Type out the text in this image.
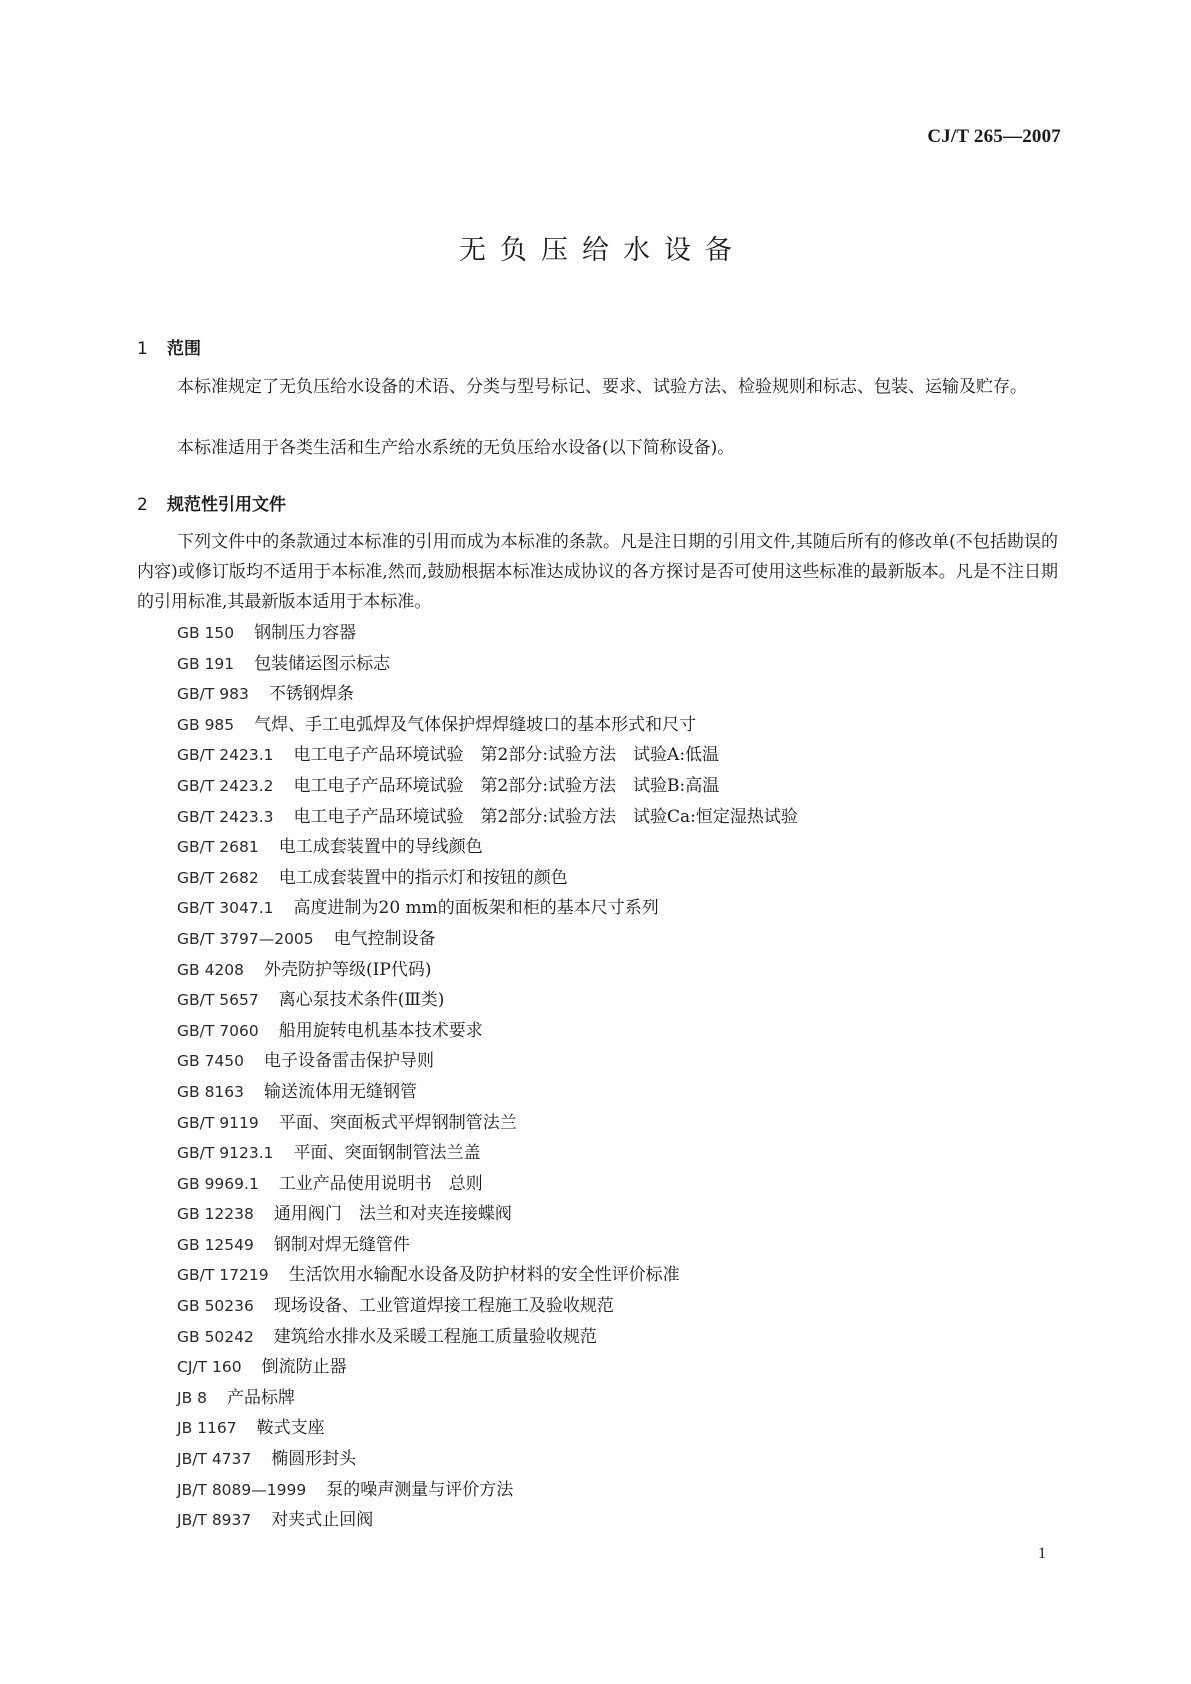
CJ/T 265—2007
无负压给水设备
1 范围
本标准规定了无负压给水设备的术语、分类与型号标记、要求、试验方法、检验规则和标志、包装、运输及贮存。
本标准适用于各类生活和生产给水系统的无负压给水设备(以下简称设备)。
2 规范性引用文件
下列文件中的条款通过本标准的引用而成为本标准的条款。凡是注日期的引用文件,其随后所有的修改单(不包括勘误的内容)或修订版均不适用于本标准,然而,鼓励根据本标准达成协议的各方探讨是否可使用这些标准的最新版本。凡是不注日期的引用标准,其最新版本适用于本标准。
GB 150 钢制压力容器
GB 191 包装储运图示标志
GB/T 983 不锈钢焊条
GB 985 气焊、手工电弧焊及气体保护焊焊缝坡口的基本形式和尺寸
GB/T 2423.1 电工电子产品环境试验　第2部分:试验方法　试验A:低温
GB/T 2423.2 电工电子产品环境试验　第2部分:试验方法　试验B:高温
GB/T 2423.3 电工电子产品环境试验　第2部分:试验方法　试验Ca:恒定湿热试验
GB/T 2681 电工成套装置中的导线颜色
GB/T 2682 电工成套装置中的指示灯和按钮的颜色
GB/T 3047.1 高度进制为20 mm的面板架和柜的基本尺寸系列
GB/T 3797—2005 电气控制设备
GB 4208 外壳防护等级(IP代码)
GB/T 5657 离心泵技术条件(Ⅲ类)
GB/T 7060 船用旋转电机基本技术要求
GB 7450 电子设备雷击保护导则
GB 8163 输送流体用无缝钢管
GB/T 9119 平面、突面板式平焊钢制管法兰
GB/T 9123.1 平面、突面钢制管法兰盖
GB 9969.1 工业产品使用说明书　总则
GB 12238 通用阀门　法兰和对夹连接蝶阀
GB 12549 钢制对焊无缝管件
GB/T 17219 生活饮用水输配水设备及防护材料的安全性评价标准
GB 50236 现场设备、工业管道焊接工程施工及验收规范
GB 50242 建筑给水排水及采暖工程施工质量验收规范
CJ/T 160 倒流防止器
JB 8 产品标牌
JB 1167 鞍式支座
JB/T 4737 椭圆形封头
JB/T 8089—1999 泵的噪声测量与评价方法
JB/T 8937 对夹式止回阀
1
